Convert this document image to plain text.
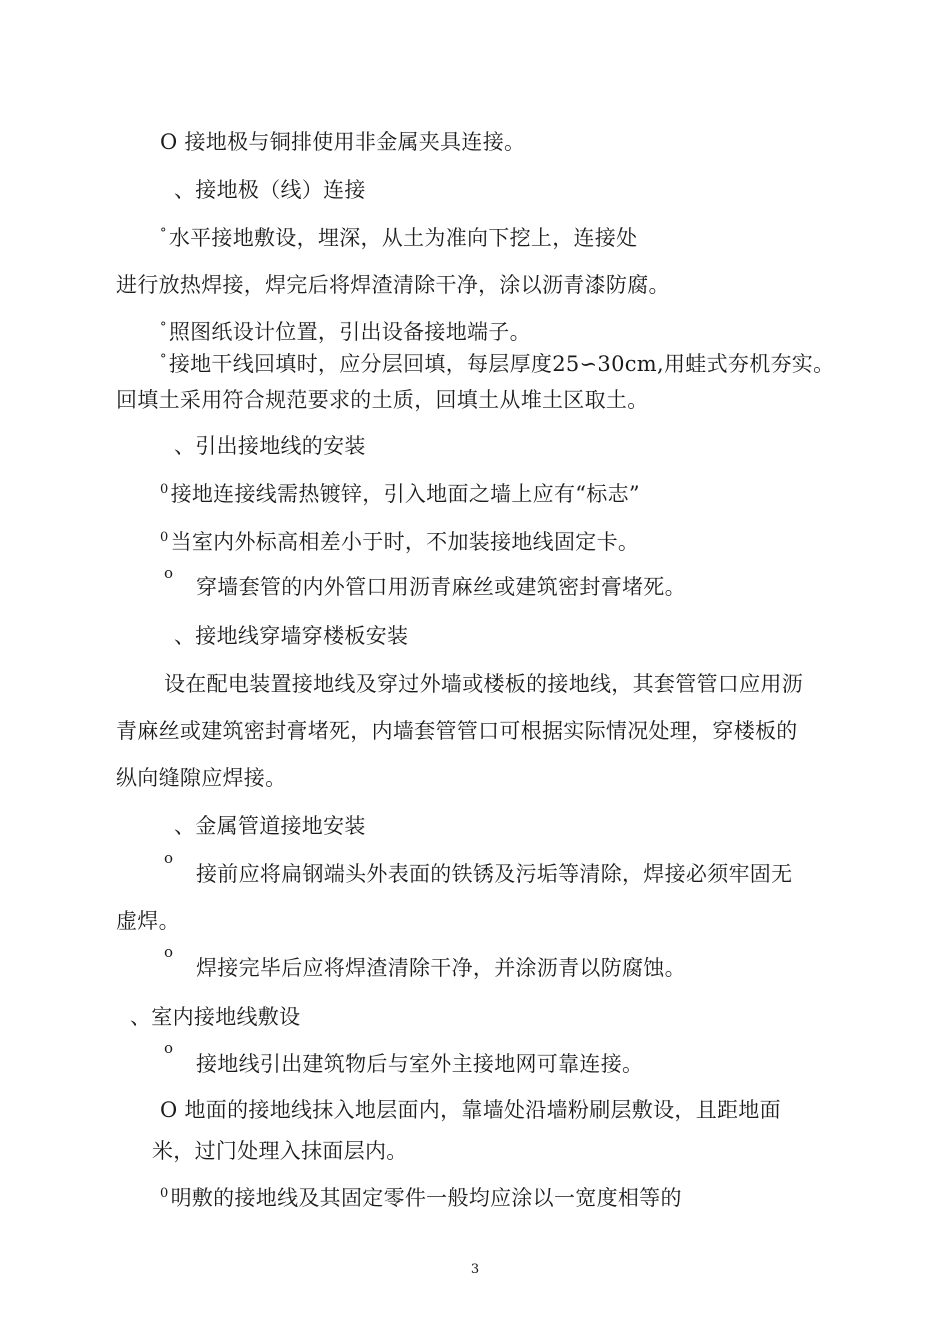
O 接地极与铜排使用非金属夹具连接。
、接地极（线）连接
°水平接地敷设，埋深，从土为准向下挖上，连接处
进行放热焊接，焊完后将焊渣清除干净，涂以沥青漆防腐。
°照图纸设计位置，引出设备接地端子。
°接地干线回填时，应分层回填，每层厚度25∽30cm,用蛙式夯机夯实。
回填土采用符合规范要求的土质，回填土从堆土区取土。
、引出接地线的安装
$^0$接地连接线需热镀锌，引入地面之墙上应有“标志”
$^0$当室内外标高相差小于时，不加装接地线固定卡。
o
穿墙套管的内外管口用沥青麻丝或建筑密封膏堵死。
、接地线穿墙穿楼板安装
设在配电装置接地线及穿过外墙或楼板的接地线，其套管管口应用沥
青麻丝或建筑密封膏堵死，内墙套管管口可根据实际情况处理，穿楼板的
纵向缝隙应焊接。
、金属管道接地安装
o
接前应将扁钢端头外表面的铁锈及污垢等清除，焊接必须牢固无
虚焊。
o
焊接完毕后应将焊渣清除干净，并涂沥青以防腐蚀。
、室内接地线敷设
o
接地线引出建筑物后与室外主接地网可靠连接。
O 地面的接地线抹入地层面内，靠墙处沿墙粉刷层敷设，且距地面
米，过门处理入抹面层内。
$^0$明敷的接地线及其固定零件一般均应涂以一宽度相等的
3
